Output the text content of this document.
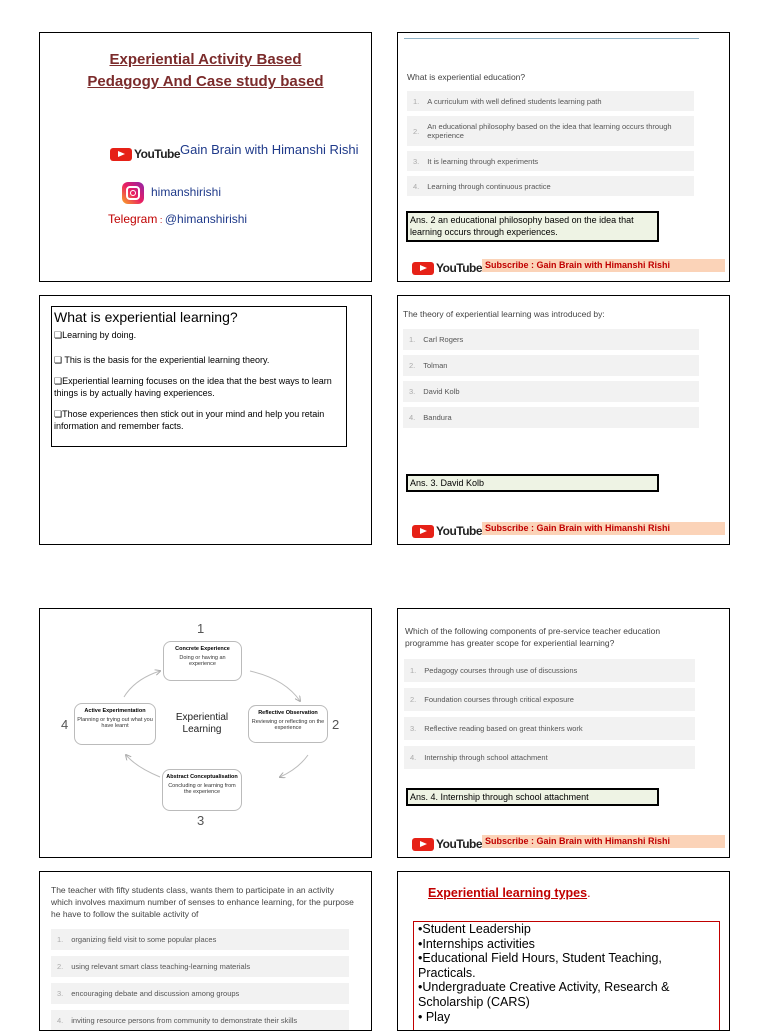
Experiential Activity Based
Pedagogy And Case study based
YouTube Gain Brain with Himanshi Rishi
himanshirishi
Telegram : @himanshirishi
What is experiential education?
1. A curriculum with well defined students learning path
2. An educational philosophy based on the idea that learning occurs through experience
3. It is learning through experiments
4. Learning through continuous practice
Ans. 2 an educational philosophy based on the idea that learning occurs through experiences.
YouTube Subscribe : Gain Brain with Himanshi Rishi
What is experiential learning?
❏Learning by doing.
❏ This is the basis for the experiential learning theory.
❏Experiential learning focuses on the idea that the best ways to learn things is by actually having experiences.
❏Those experiences then stick out in your mind and help you retain information and remember facts.
The theory of experiential learning was introduced by:
1. Carl Rogers
2. Tolman
3. David Kolb
4. Bandura
Ans. 3. David Kolb
YouTube Subscribe : Gain Brain with Himanshi Rishi
1
Concrete Experience
Doing or having an experience
2
Reflective Observation
Reviewing or reflecting on the experience
3
Abstract Conceptualisation
Concluding or learning from the experience
4
Active Experimentation
Planning or trying out what you have learnt
Experiential Learning
Which of the following components of pre-service teacher education programme has greater scope for experiential learning?
1. Pedagogy courses through use of discussions
2. Foundation courses through critical exposure
3. Reflective reading based on great thinkers work
4. Internship through school attachment
Ans. 4. Internship through school attachment
YouTube Subscribe : Gain Brain with Himanshi Rishi
The teacher with fifty students class, wants them to participate in an activity which involves maximum number of senses to enhance learning, for the purpose he have to follow the suitable activity of
1. organizing field visit to some popular places
2. using relevant smart class teaching-learning materials
3. encouraging debate and discussion among groups
4. inviting resource persons from community to demonstrate their skills
Experiential learning types.
•Student Leadership
•Internships activities
•Educational Field Hours, Student Teaching, Practicals.
•Undergraduate Creative Activity, Research & Scholarship (CARS)
• Play
